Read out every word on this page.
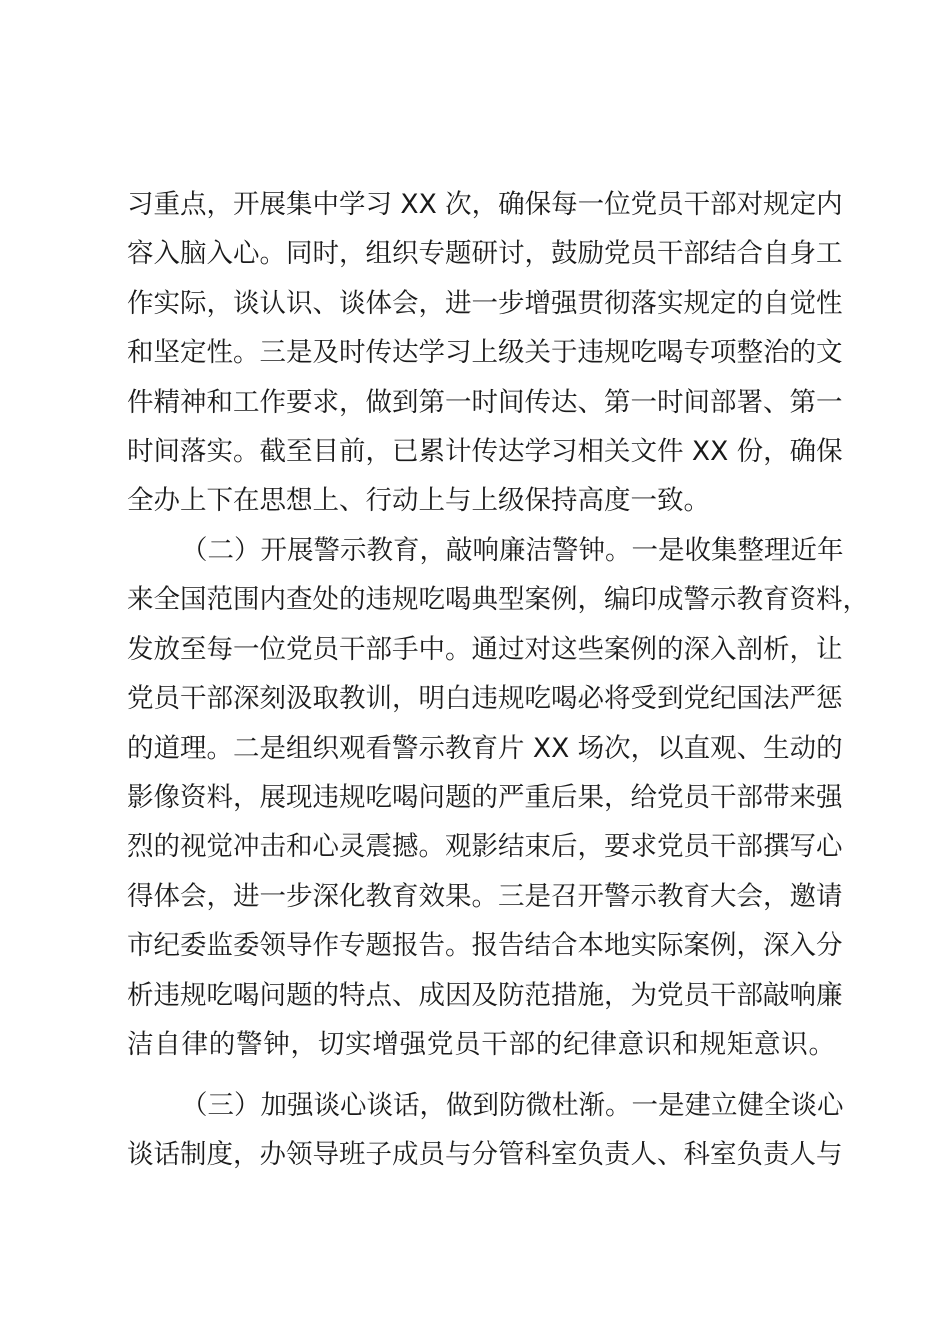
习重点，开展集中学习 XX 次，确保每一位党员干部对规定内
容入脑入心。同时，组织专题研讨，鼓励党员干部结合自身工
作实际，谈认识、谈体会，进一步增强贯彻落实规定的自觉性
和坚定性。三是及时传达学习上级关于违规吃喝专项整治的文
件精神和工作要求，做到第一时间传达、第一时间部署、第一
时间落实。截至目前，已累计传达学习相关文件 XX 份，确保
全办上下在思想上、行动上与上级保持高度一致。
（二）开展警示教育，敲响廉洁警钟。一是收集整理近年
来全国范围内查处的违规吃喝典型案例，编印成警示教育资料，
发放至每一位党员干部手中。通过对这些案例的深入剖析，让
党员干部深刻汲取教训，明白违规吃喝必将受到党纪国法严惩
的道理。二是组织观看警示教育片 XX 场次，以直观、生动的
影像资料，展现违规吃喝问题的严重后果，给党员干部带来强
烈的视觉冲击和心灵震撼。观影结束后，要求党员干部撰写心
得体会，进一步深化教育效果。三是召开警示教育大会，邀请
市纪委监委领导作专题报告。报告结合本地实际案例，深入分
析违规吃喝问题的特点、成因及防范措施，为党员干部敲响廉
洁自律的警钟，切实增强党员干部的纪律意识和规矩意识。
（三）加强谈心谈话，做到防微杜渐。一是建立健全谈心
谈话制度，办领导班子成员与分管科室负责人、科室负责人与
